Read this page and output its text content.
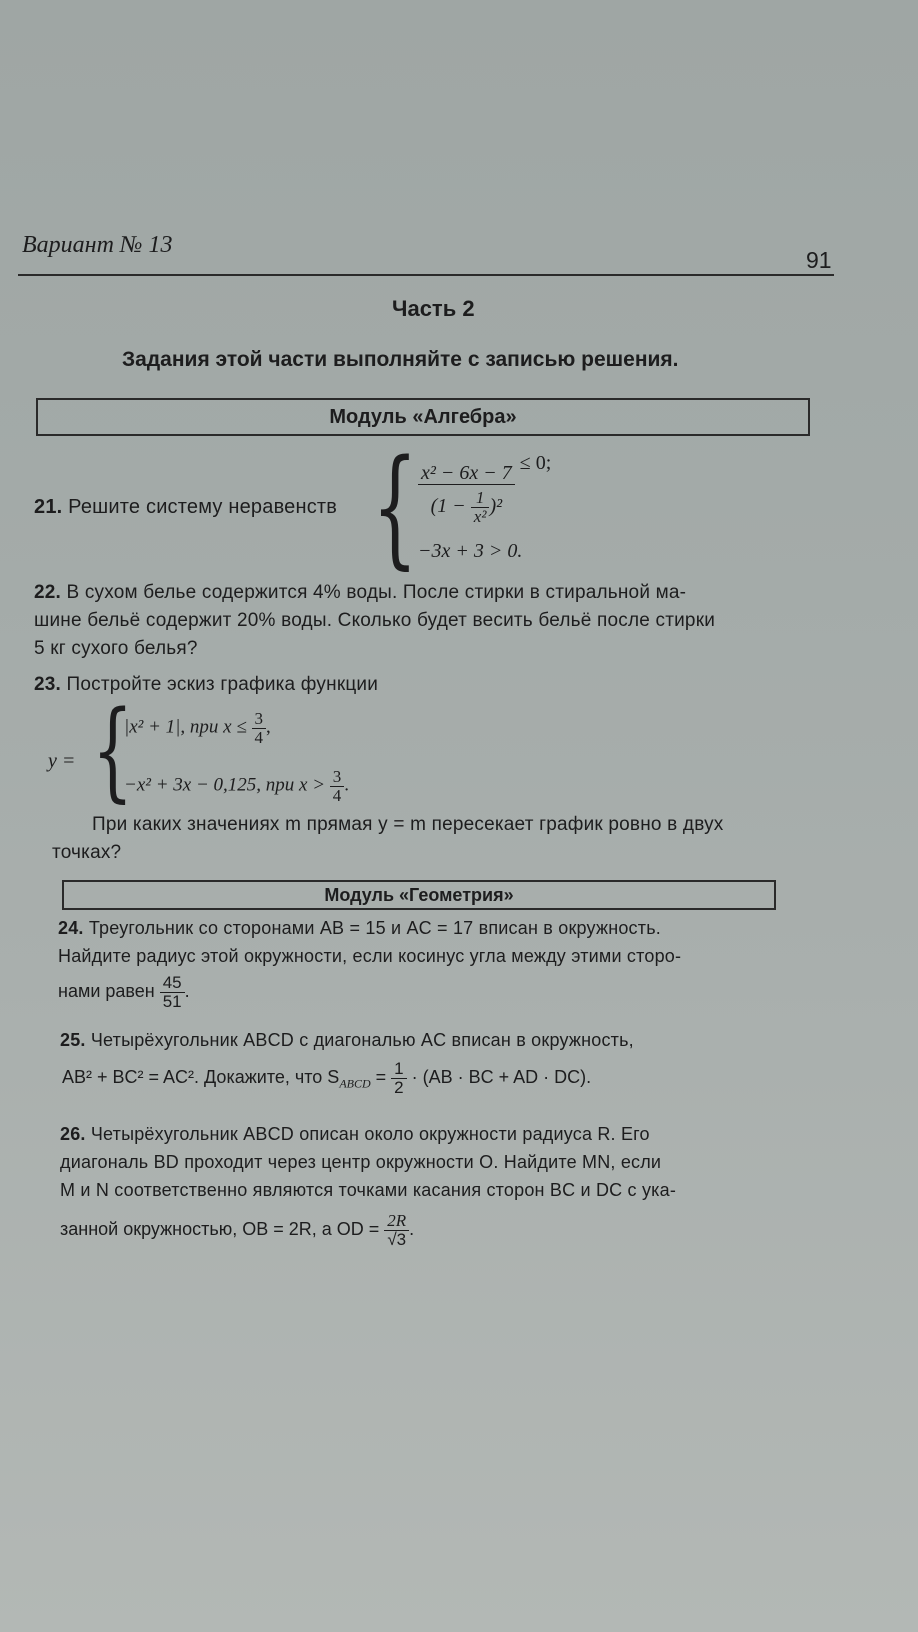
Вариант № 13
91
Часть 2
Задания этой части выполняйте с записью решения.
Модуль «Алгебра»
21. Решите систему неравенств { $\frac{\text{x² − 6x − 7}}{(1 - \frac{1}{\text{x²}} )^2}$
≤ 0;
−3x + 3 > 0.
22. В сухом белье содержится 4% воды. После стирки в стиральной ма-
шине бельё содержит 20% воды. Сколько будет весить бельё после стирки
5 кг сухого белья?
23. Постройте эскиз графика функции
y = {
|x² + 1|, при $x \le \frac{3}{4}$ ,
−x² + 3x − 0,125, при $x > \frac{3}{4}$ .
При каких значениях m прямая y = m пересекает график ровно в двух
точках?
Модуль «Геометрия»
24. Треугольник со сторонами AB = 15 и AC = 17 вписан в окружность.
Найдите радиус этой окружности, если косинус угла между этими сторо-
нами равен $\frac{45}{51}$ .
25. Четырёхугольник ABCD с диагональю AC вписан в окружность,
AB² + BC² = AC². Докажите, что $S_{ABCD} = \frac{1}{2} \cdot (AB$ · BC + AD · DC).
26. Четырёхугольник ABCD описан около окружности радиуса R. Его
диагональ BD проходит через центр окружности O. Найдите MN, если
M и N соответственно являются точками касания сторон BC и DC с ука-
занной окружностью, OB = 2R, а OD = $\frac{2R}{√3}$ .
